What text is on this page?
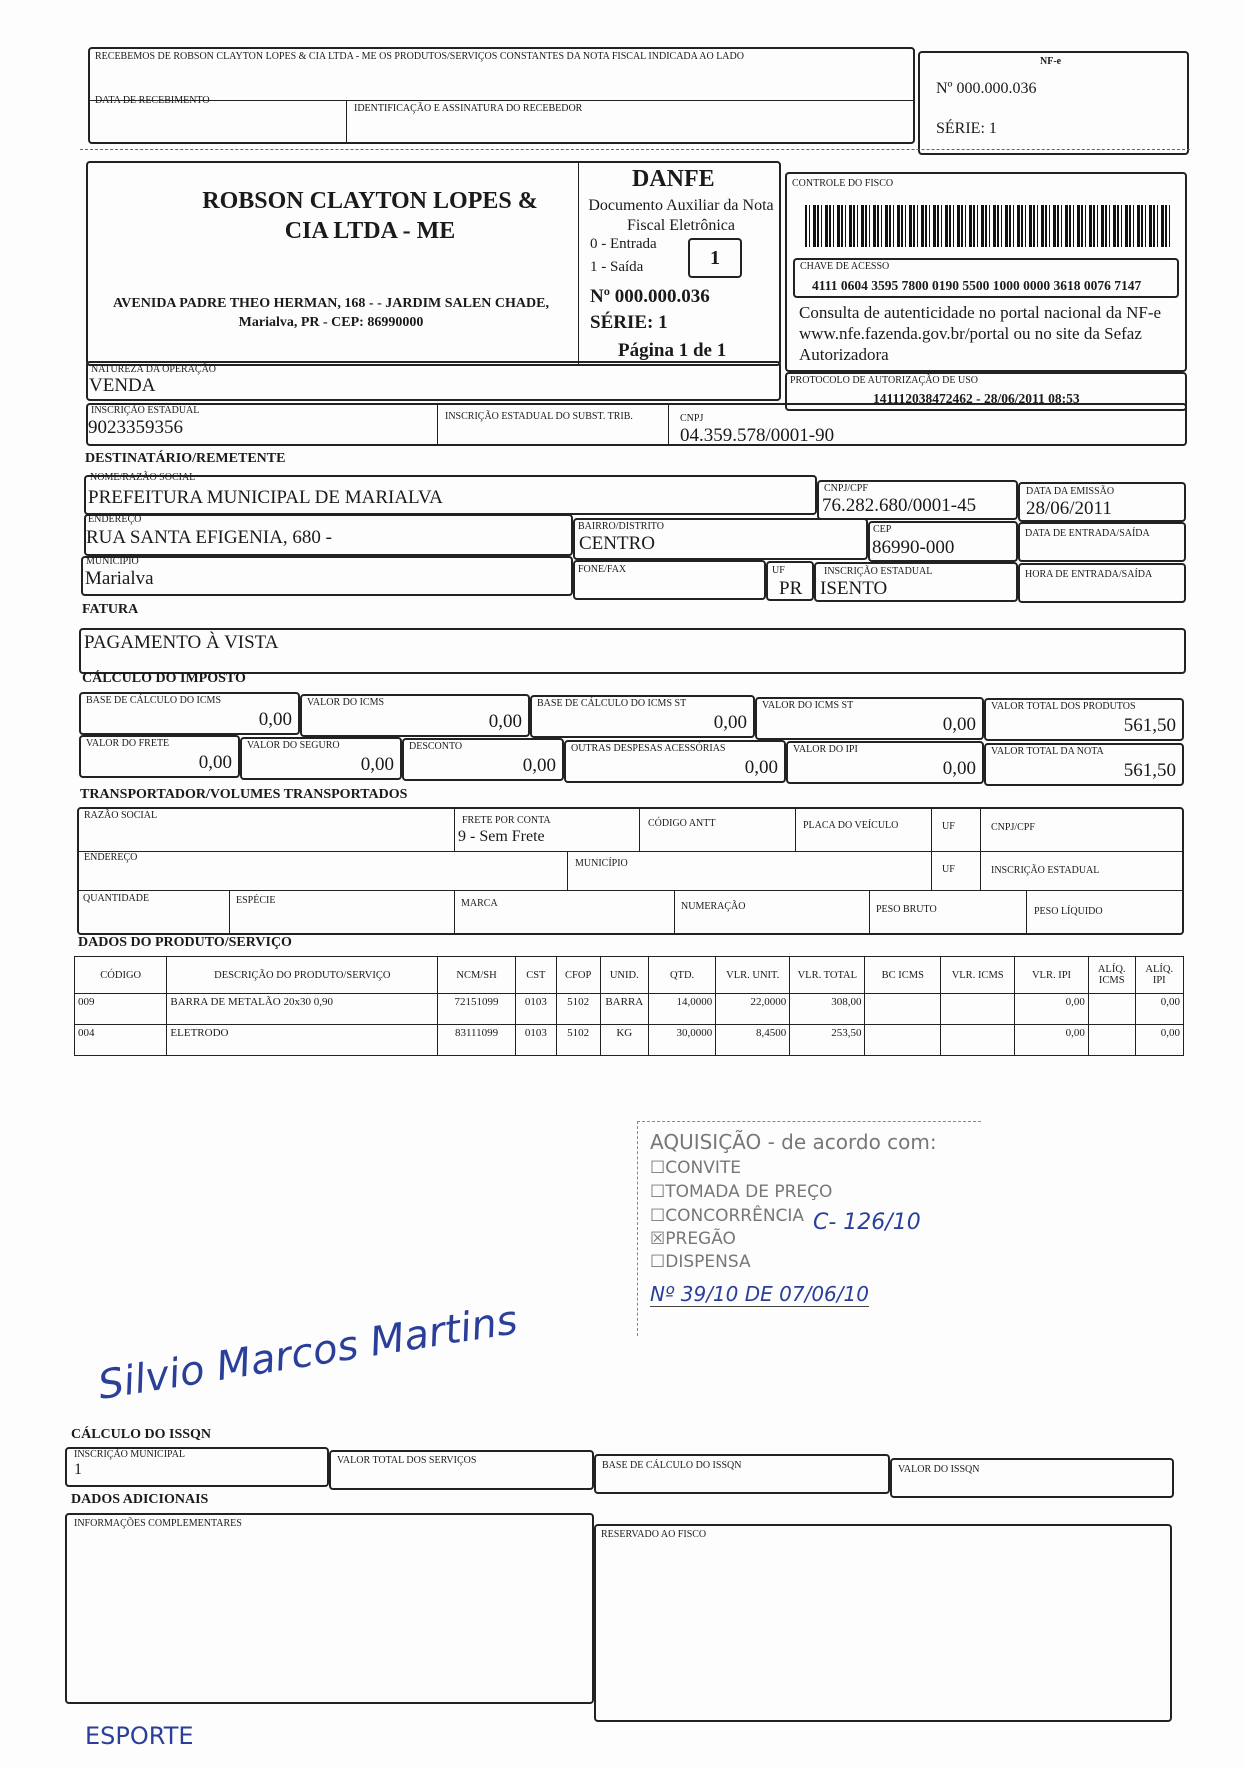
RECEBEMOS DE ROBSON CLAYTON LOPES & CIA LTDA - ME OS PRODUTOS/SERVIÇOS CONSTANTES DA NOTA FISCAL INDICADA AO LADO
DATA DE RECEBIMENTO
IDENTIFICAÇÃO E ASSINATURA DO RECEBEDOR
NF-e
Nº 000.000.036
SÉRIE: 1
ROBSON CLAYTON LOPES & CIA LTDA - ME
AVENIDA PADRE THEO HERMAN, 168 - - JARDIM SALEN CHADE, Marialva, PR - CEP: 86990000
DANFE
Documento Auxiliar da Nota Fiscal Eletrônica
0 - Entrada
1 - Saída	1
Nº 000.000.036
SÉRIE: 1
Página 1 de 1
CONTROLE DO FISCO
CHAVE DE ACESSO
4111 0604 3595 7800 0190 5500 1000 0000 3618 0076 7147
Consulta de autenticidade no portal nacional da NF-e www.nfe.fazenda.gov.br/portal ou no site da Sefaz Autorizadora
NATUREZA DA OPERAÇÃO
VENDA	PROTOCOLO DE AUTORIZAÇÃO DE USO
141112038472462 - 28/06/2011 08:53
INSCRIÇÃO ESTADUAL
9023359356
INSCRIÇÃO ESTADUAL DO SUBST. TRIB.	CNPJ
04.359.578/0001-90
DESTINATÁRIO/REMETENTE
NOME/RAZÃO SOCIAL
PREFEITURA MUNICIPAL DE MARIALVA	CNPJ/CPF
76.282.680/0001-45
DATA DA EMISSÃO
28/06/2011
ENDEREÇO
RUA SANTA EFIGENIA, 680 -
BAIRRO/DISTRITO
CENTRO
CEP
86990-000
DATA DE ENTRADA/SAÍDA
MUNICÍPIO
Marialva	FONE/FAX	UF
PR
INSCRIÇÃO ESTADUAL
ISENTO
HORA DE ENTRADA/SAÍDA
FATURA
PAGAMENTO À VISTA
CÁLCULO DO IMPOSTO
TRANSPORTADOR/VOLUMES TRANSPORTADOS
RAZÃO SOCIAL	FRETE POR CONTA
9 - Sem Frete
CÓDIGO ANTT	PLACA DO VEÍCULO	UF	CNPJ/CPF
ENDEREÇO
MUNICÍPIO
UF	INSCRIÇÃO ESTADUAL
QUANTIDADE	ESPÉCIE	MARCA	NUMERAÇÃO	PESO BRUTO	PESO LÍQUIDO
DADOS DO PRODUTO/SERVIÇO
CÓDIGO	DESCRIÇÃO DO PRODUTO/SERVIÇO	NCM/SH	CST	CFOP	UNID.	QTD.	VLR. UNIT.	VLR. TOTAL	BC ICMS	VLR. ICMS	VLR. IPI	ALÍQ. ICMS	ALÍQ. IPI
009	BARRA DE METALÃO 20x30 0,90	72151099	0103	5102	BARRA	14,0000	22,0000	308,00			0,00		0,00
004	ELETRODO	83111099	0103	5102	KG	30,0000	8,4500	253,50			0,00		0,00
AQUISIÇÃO - de acordo com:
☐CONVITE
☐TOMADA DE PREÇO
☐CONCORRÊNCIA
☒PREGÃO
☐DISPENSA
C- 126/10
Nº 39/10 DE 07/06/10
Silvio Marcos Martins
CÁLCULO DO ISSQN
INSCRIÇÃO MUNICIPAL
1
VALOR TOTAL DOS SERVIÇOS	BASE DE CÁLCULO DO ISSQN	VALOR DO ISSQN
DADOS ADICIONAIS
INFORMAÇÕES COMPLEMENTARES
RESERVADO AO FISCO
ESPORTE
BASE DE CÁLCULO DO ICMS
0,00
VALOR DO ICMS
0,00
BASE DE CÁLCULO DO ICMS ST
0,00
VALOR DO ICMS ST
0,00
VALOR TOTAL DOS PRODUTOS
561,50
VALOR DO FRETE
0,00
VALOR DO SEGURO
0,00
DESCONTO
0,00
OUTRAS DESPESAS ACESSÓRIAS
0,00
VALOR DO IPI
0,00
VALOR TOTAL DA NOTA
561,50
